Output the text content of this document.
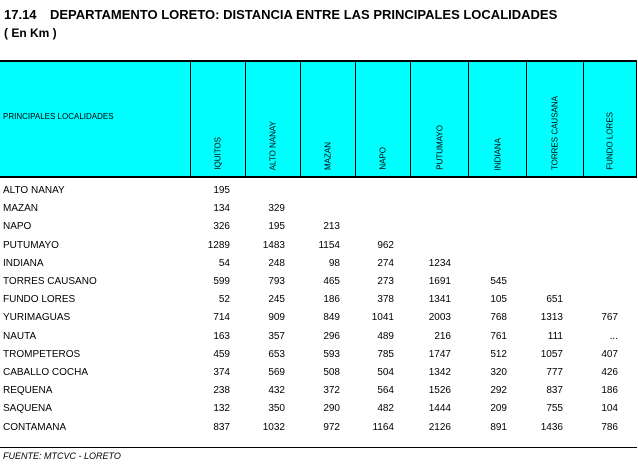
17.14 DEPARTAMENTO LORETO: DISTANCIA ENTRE LAS PRINCIPALES LOCALIDADES
( En Km )
PRINCIPALES LOCALIDADES
IQUITOS	ALTO NANAY	MAZAN	NAPO	PUTUMAYO	INDIANA	TORRES CAUSANA	FUNDO LORES
ALTO NANAY	195
MAZAN	134	329
NAPO	326	195	213
PUTUMAYO	1289	1483	1154	962
INDIANA	54	248	98	274	1234
TORRES CAUSANO	599	793	465	273	1691	545
FUNDO LORES	52	245	186	378	1341	105	651
YURIMAGUAS	714	909	849	1041	2003	768	1313	767
NAUTA	163	357	296	489	216	761	111	...
TROMPETEROS	459	653	593	785	1747	512	1057	407
CABALLO COCHA	374	569	508	504	1342	320	777	426
REQUENA	238	432	372	564	1526	292	837	186
SAQUENA	132	350	290	482	1444	209	755	104
CONTAMANA	837	1032	972	1164	2126	891	1436	786
FUENTE: MTCVC - LORETO
